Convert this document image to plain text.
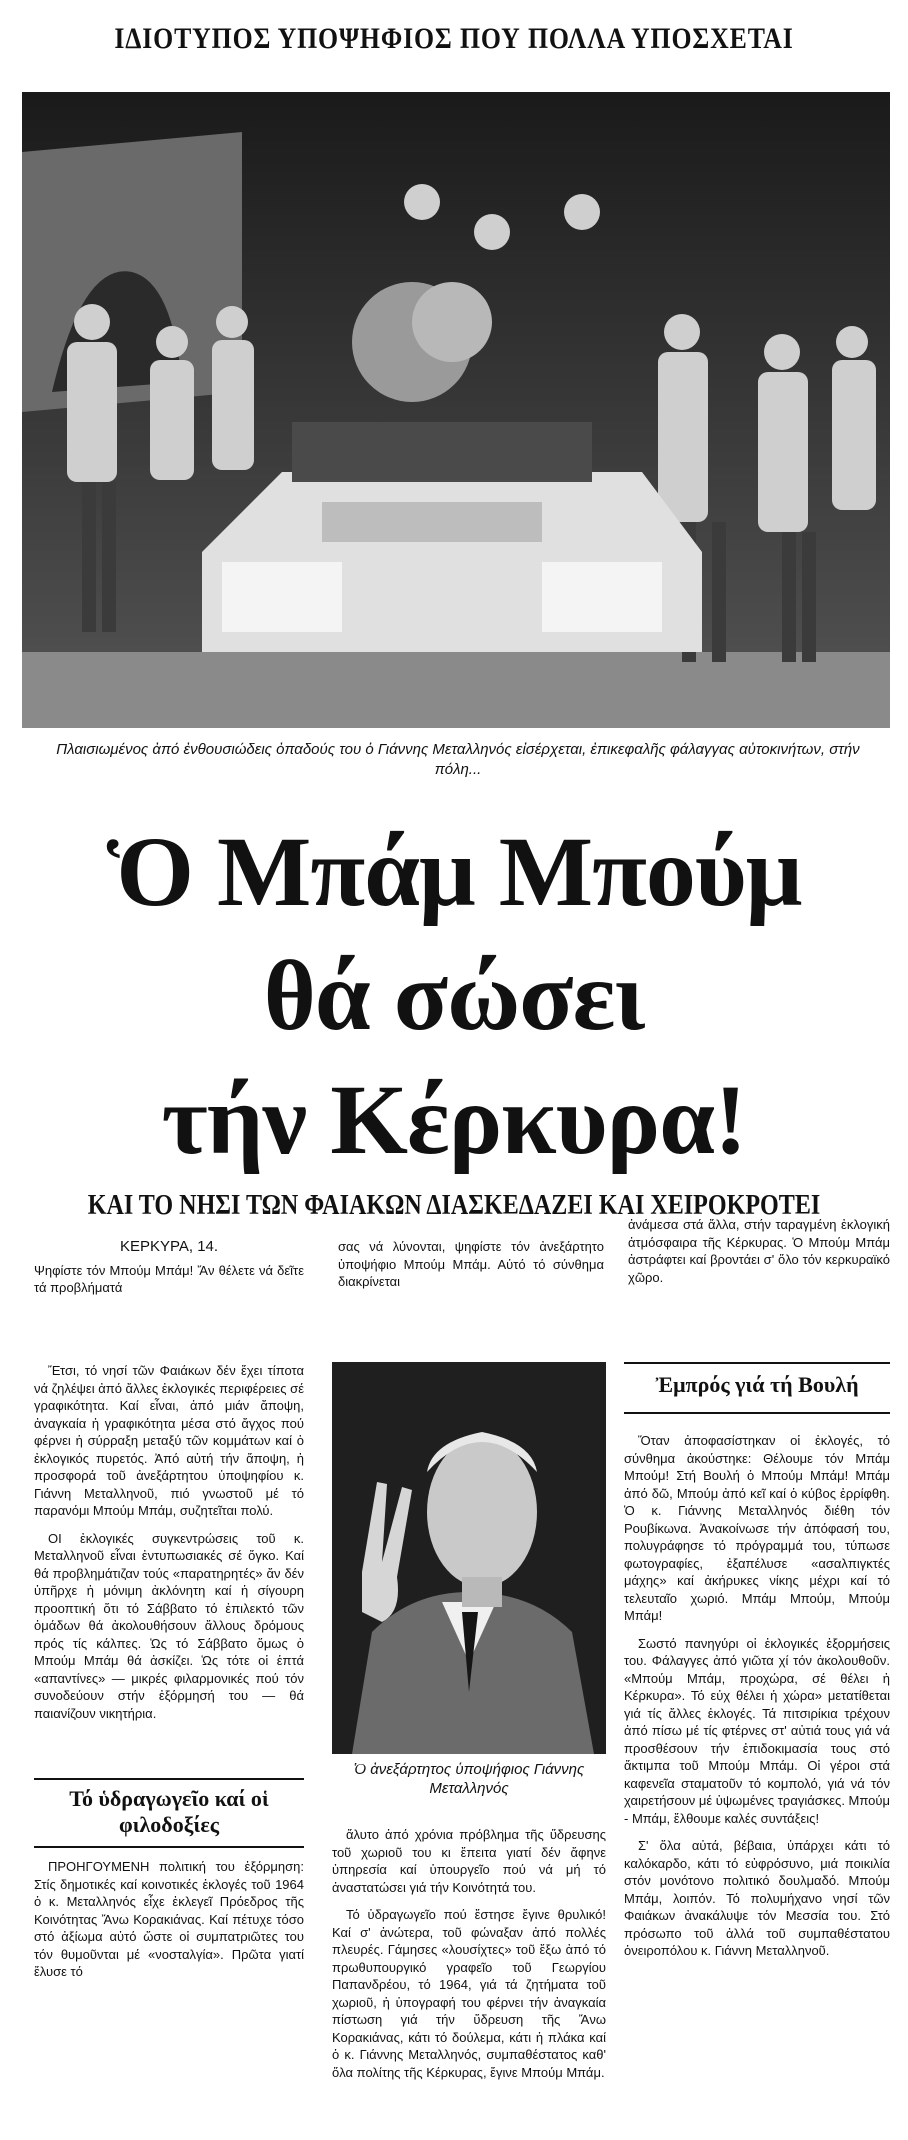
ΙΔΙΟΤΥΠΟΣ ΥΠΟΨΗΦΙΟΣ ΠΟΥ ΠΟΛΛΑ ΥΠΟΣΧΕΤΑΙ
Πλαισιωμένος ἀπό ἐνθουσιώδεις ὀπαδούς του ὁ Γιάννης Μεταλληνός εἰσέρχεται, ἐπικεφαλῆς φάλαγγας αὐτοκινήτων, στήν πόλη...
Ὁ Μπάμ Μπούμ
θά σώσει
τήν Κέρκυρα!
ΚΑΙ ΤΟ ΝΗΣΙ ΤΩΝ ΦΑΙΑΚΩΝ ΔΙΑΣΚΕΔΑΖΕΙ ΚΑΙ ΧΕΙΡΟΚΡΟΤΕΙ
ΚΕΡΚΥΡΑ, 14.
Ψηφίστε τόν Μπούμ Μπάμ! Ἄν θέλετε νά δεῖτε τά προβλήματά
σας νά λύνονται, ψηφίστε τόν ἀνεξάρτητο ὑποψήφιο Μπούμ Μπάμ. Αὐτό τό σύνθημα διακρίνεται
ἀνάμεσα στά ἄλλα, στήν ταραγμένη ἐκλογική ἀτμόσφαιρα τῆς Κέρκυρας. Ὁ Μπούμ Μπάμ ἀστράφτει καί βροντάει σ' ὅλο τόν κερκυραϊκό χῶρο.

Ἔτσι, τό νησί τῶν Φαιάκων δέν ἔχει τίποτα νά ζηλέψει ἀπό ἄλλες ἐκλογικές περιφέρειες σέ γραφικότητα. Καί εἶναι, ἀπό μιάν ἄποψη, ἀναγκαία ἡ γραφικότητα μέσα στό ἄγχος πού φέρνει ἡ σύρραξη μεταξύ τῶν κομμάτων καί ὁ ἐκλογικός πυρετός. Ἀπό αὐτή τήν ἄποψη, ἡ προσφορά τοῦ ἀνεξάρτητου ὑποψηφίου κ. Γιάννη Μεταλληνοῦ, πιό γνωστοῦ μέ τό παρανόμι Μπούμ Μπάμ, συζητεῖται πολύ.

ΟΙ ἐκλογικές συγκεντρώσεις τοῦ κ. Μεταλληνοῦ εἶναι ἐντυπωσιακές σέ ὄγκο. Καί θά προβλημάτιζαν τούς «παρατηρητές» ἄν δέν ὑπῆρχε ἡ μόνιμη ἀκλόνητη καί ἡ σίγουρη προοπτική ὅτι τό Σάββατο τό ἐπιλεκτό τῶν ὁμάδων θά ἀκολουθήσουν ἄλλους δρόμους πρός τίς κάλπες. Ὡς τό Σάββατο ὅμως ὁ Μπούμ Μπάμ θά ἀσκίζει. Ὡς τότε οἱ ἑπτά «απαντίνες» — μικρές φιλαρμονικές πού τόν συνοδεύουν στήν ἐξόρμησή του — θά παιανίζουν νικητήρια.

Τό ὑδραγωγεῖο καί οἱ φιλοδοξίες

ΠΡΟΗΓΟΥΜΕΝΗ πολιτική του ἐξόρμηση: Στίς δημοτικές καί κοινοτικές ἐκλογές τοῦ 1964 ὁ κ. Μεταλληνός εἶχε ἐκλεγεῖ Πρόεδρος τῆς Κοινότητας Ἄνω Κορακιάνας. Καί πέτυχε τόσο στό ἀξίωμα αὐτό ὥστε οἱ συμπατριῶτες του τόν θυμοῦνται μέ «νοσταλγία». Πρῶτα γιατί ἔλυσε τό

Ὁ ἀνεξάρτητος ὑποψήφιος Γιάννης Μεταλληνός

ἄλυτο ἀπό χρόνια πρόβλημα τῆς ὕδρευσης τοῦ χωριοῦ του κι ἔπειτα γιατί δέν ἄφηνε ὑπηρεσία καί ὑπουργεῖο πού νά μή τό ἀναστατώσει γιά τήν Κοινότητά του.

Τό ὑδραγωγεῖο πού ἔστησε ἔγινε θρυλικό! Καί σ' ἀνώτερα, τοῦ φώναξαν ἀπό πολλές πλευρές. Γάμησες «λουσίχτες» τοῦ ἔξω ἀπό τό πρωθυπουργικό γραφεῖο τοῦ Γεωργίου Παπανδρέου, τό 1964, γιά τά ζητήματα τοῦ χωριοῦ, ἡ ὑπογραφή του φέρνει τήν ἀναγκαία πίστωση γιά τήν ὕδρευση τῆς Ἄνω Κορακιάνας, κάτι τό δούλεμα, κάτι ἡ πλάκα καί ὁ κ. Γιάννης Μεταλληνός, συμπαθέστατος καθ' ὅλα πολίτης τῆς Κέρκυρας, ἔγινε Μπούμ Μπάμ.

Ἐμπρός γιά τή Βουλή

Ὅταν ἀποφασίστηκαν οἱ ἐκλογές, τό σύνθημα ἀκούστηκε: Θέλουμε τόν Μπάμ Μπούμ! Στή Βουλή ὁ Μπούμ Μπάμ! Μπάμ ἀπό δῶ, Μπούμ ἀπό κεῖ καί ὁ κύβος ἐρρίφθη. Ὁ κ. Γιάννης Μεταλληνός διέθη τόν Ρουβίκωνα. Ἀνακοίνωσε τήν ἀπόφασή του, πολυγράφησε τό πρόγραμμά του, τύπωσε φωτογραφίες, ἐξαπέλυσε «ασαλπιγκτές μάχης» καί ἀκήρυκες νίκης μέχρι καί τό τελευταῖο χωριό. Μπάμ Μπούμ, Μπούμ Μπάμ!

Σωστό πανηγύρι οἱ ἐκλογικές ἐξορμήσεις του. Φάλαγγες ἀπό γιῶτα χί τόν ἀκολουθοῦν. «Μπούμ Μπάμ, προχώρα, σέ θέλει ἡ Κέρκυρα». Τό εὐχ θέλει ἡ χώρα» μετατίθεται γιά τίς ἄλλες ἐκλογές. Τά πιτσιρίκια τρέχουν ἀπό πίσω μέ τίς φτέρνες στ' αὐτιά τους γιά νά προσθέσουν τήν ἐπιδοκιμασία τους στό ἄκτιμπα τοῦ Μπούμ Μπάμ. Οἱ γέροι στά καφενεῖα σταματοῦν τό κομπολό, γιά νά τόν χαιρετήσουν μέ ὑψωμένες τραγιάσκες. Μπούμ - Μπάμ, ἔλθουμε καλές συντάξεις!

Σ' ὅλα αὐτά, βέβαια, ὑπάρχει κάτι τό καλόκαρδο, κάτι τό εὐφρόσυνο, μιά ποικιλία στόν μονότονο πολιτικό δουλμαδό. Μπούμ Μπάμ, λοιπόν. Τό πολυμήχανο νησί τῶν Φαιάκων ἀνακάλυψε τόν Μεσσία του. Στό πρόσωπο τοῦ ἀλλά τοῦ συμπαθέστατου ὀνειροπόλου κ. Γιάννη Μεταλληνοῦ.
